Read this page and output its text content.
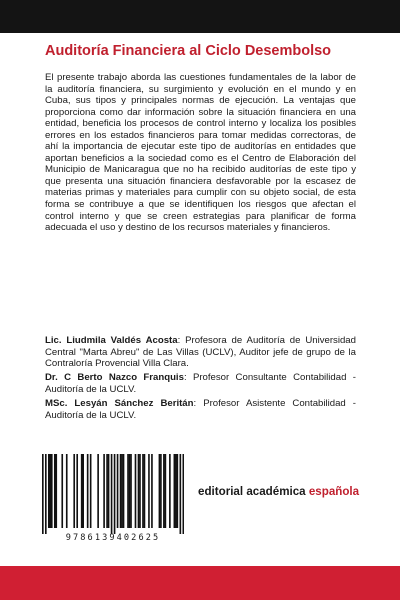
Auditoría Financiera al Ciclo Desembolso

El presente trabajo aborda las cuestiones fundamentales de la labor de la auditoría financiera, su surgimiento y evolución en el mundo y en Cuba, sus tipos y principales normas de ejecución. La ventajas que proporciona como dar información sobre la situación financiera en una entidad, beneficia los procesos de control interno y localiza los posibles errores en los estados financieros para tomar medidas correctoras, de ahí la importancia de ejecutar este tipo de auditorías en entidades que aportan beneficios a la sociedad como es el Centro de Elaboración del Municipio de Manicaragua que no ha recibido auditorías de este tipo y que presenta una situación financiera desfavorable por la escasez de materias primas y materiales para cumplir con su objeto social, de esta forma se contribuye a que se identifiquen los riesgos que afectan el control interno y que se creen estrategias para planificar de forma adecuada el uso y destino de los recursos materiales y financieros.

Lic. Liudmila Valdés Acosta: Profesora de Auditoría de Universidad Central "Marta Abreu" de Las Villas (UCLV), Auditor jefe de grupo de la Contraloría Provencial Villa Clara.

Dr. C Berto Nazco Franquis: Profesor Consultante Contabilidad - Auditoría de la UCLV.

MSc. Lesyán Sánchez Beritán: Profesor Asistente Contabilidad - Auditoría de la UCLV.

9786139402625
editorial académica española
